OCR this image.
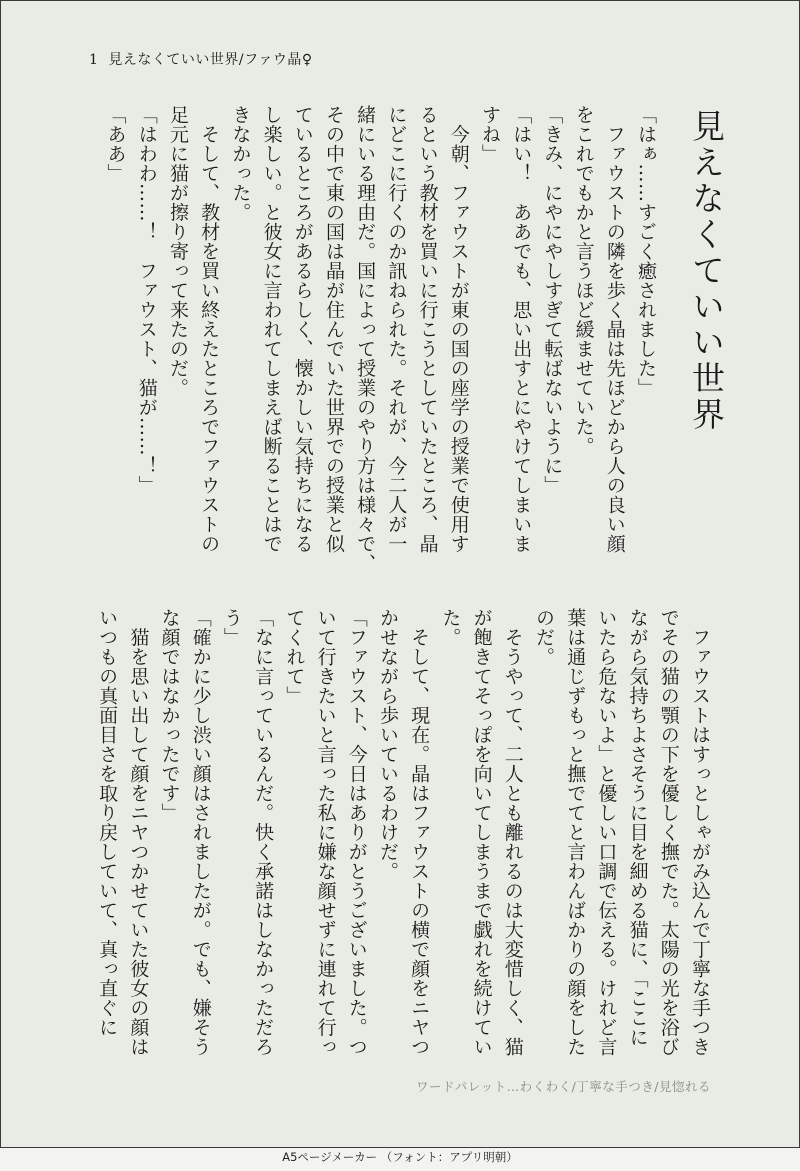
1 見えなくていい世界/ファウ晶♀
見えなくていい世界

「はぁ……すごく癒されました」

　ファウストの隣を歩く晶は先ほどから人の良い顔

をこれでもかと言うほど緩ませていた。

「きみ、にやにやしすぎて転ばないように」

「はい！　ああでも、思い出すとにやけてしまいま

すね」

　今朝、ファウストが東の国の座学の授業で使用す

るという教材を買いに行こうとしていたところ、晶

にどこに行くのか訊ねられた。それが、今二人が一

緒にいる理由だ。国によって授業のやり方は様々で、

その中で東の国は晶が住んでいた世界での授業と似

ているところがあるらしく、懐かしい気持ちになる

し楽しい。と彼女に言われてしまえば断ることはで

きなかった。

　そして、教材を買い終えたところでファウストの

足元に猫が擦り寄って来たのだ。

「はわわ……！　ファウスト、猫が……！」

「ああ」

　ファウストはすっとしゃがみ込んで丁寧な手つき

でその猫の顎の下を優しく撫でた。太陽の光を浴び

ながら気持ちよさそうに目を細める猫に、「ここに

いたら危ないよ」と優しい口調で伝える。けれど言

葉は通じずもっと撫でてと言わんばかりの顔をした

のだ。

　そうやって、二人とも離れるのは大変惜しく、猫

が飽きてそっぽを向いてしまうまで戯れを続けてい

た。

　そして、現在。晶はファウストの横で顔をニヤつ

かせながら歩いているわけだ。

「ファウスト、今日はありがとうございました。つ

いて行きたいと言った私に嫌な顔せずに連れて行っ

てくれて」

「なに言っているんだ。快く承諾はしなかっただろ

う」

「確かに少し渋い顔はされましたが。でも、嫌そう

な顔ではなかったです」

　猫を思い出して顔をニヤつかせていた彼女の顔は

いつもの真面目さを取り戻していて、真っ直ぐに

ワードパレット…わくわく/丁寧な手つき/見惚れる
A5ページメーカー （フォント：アプリ明朝）
